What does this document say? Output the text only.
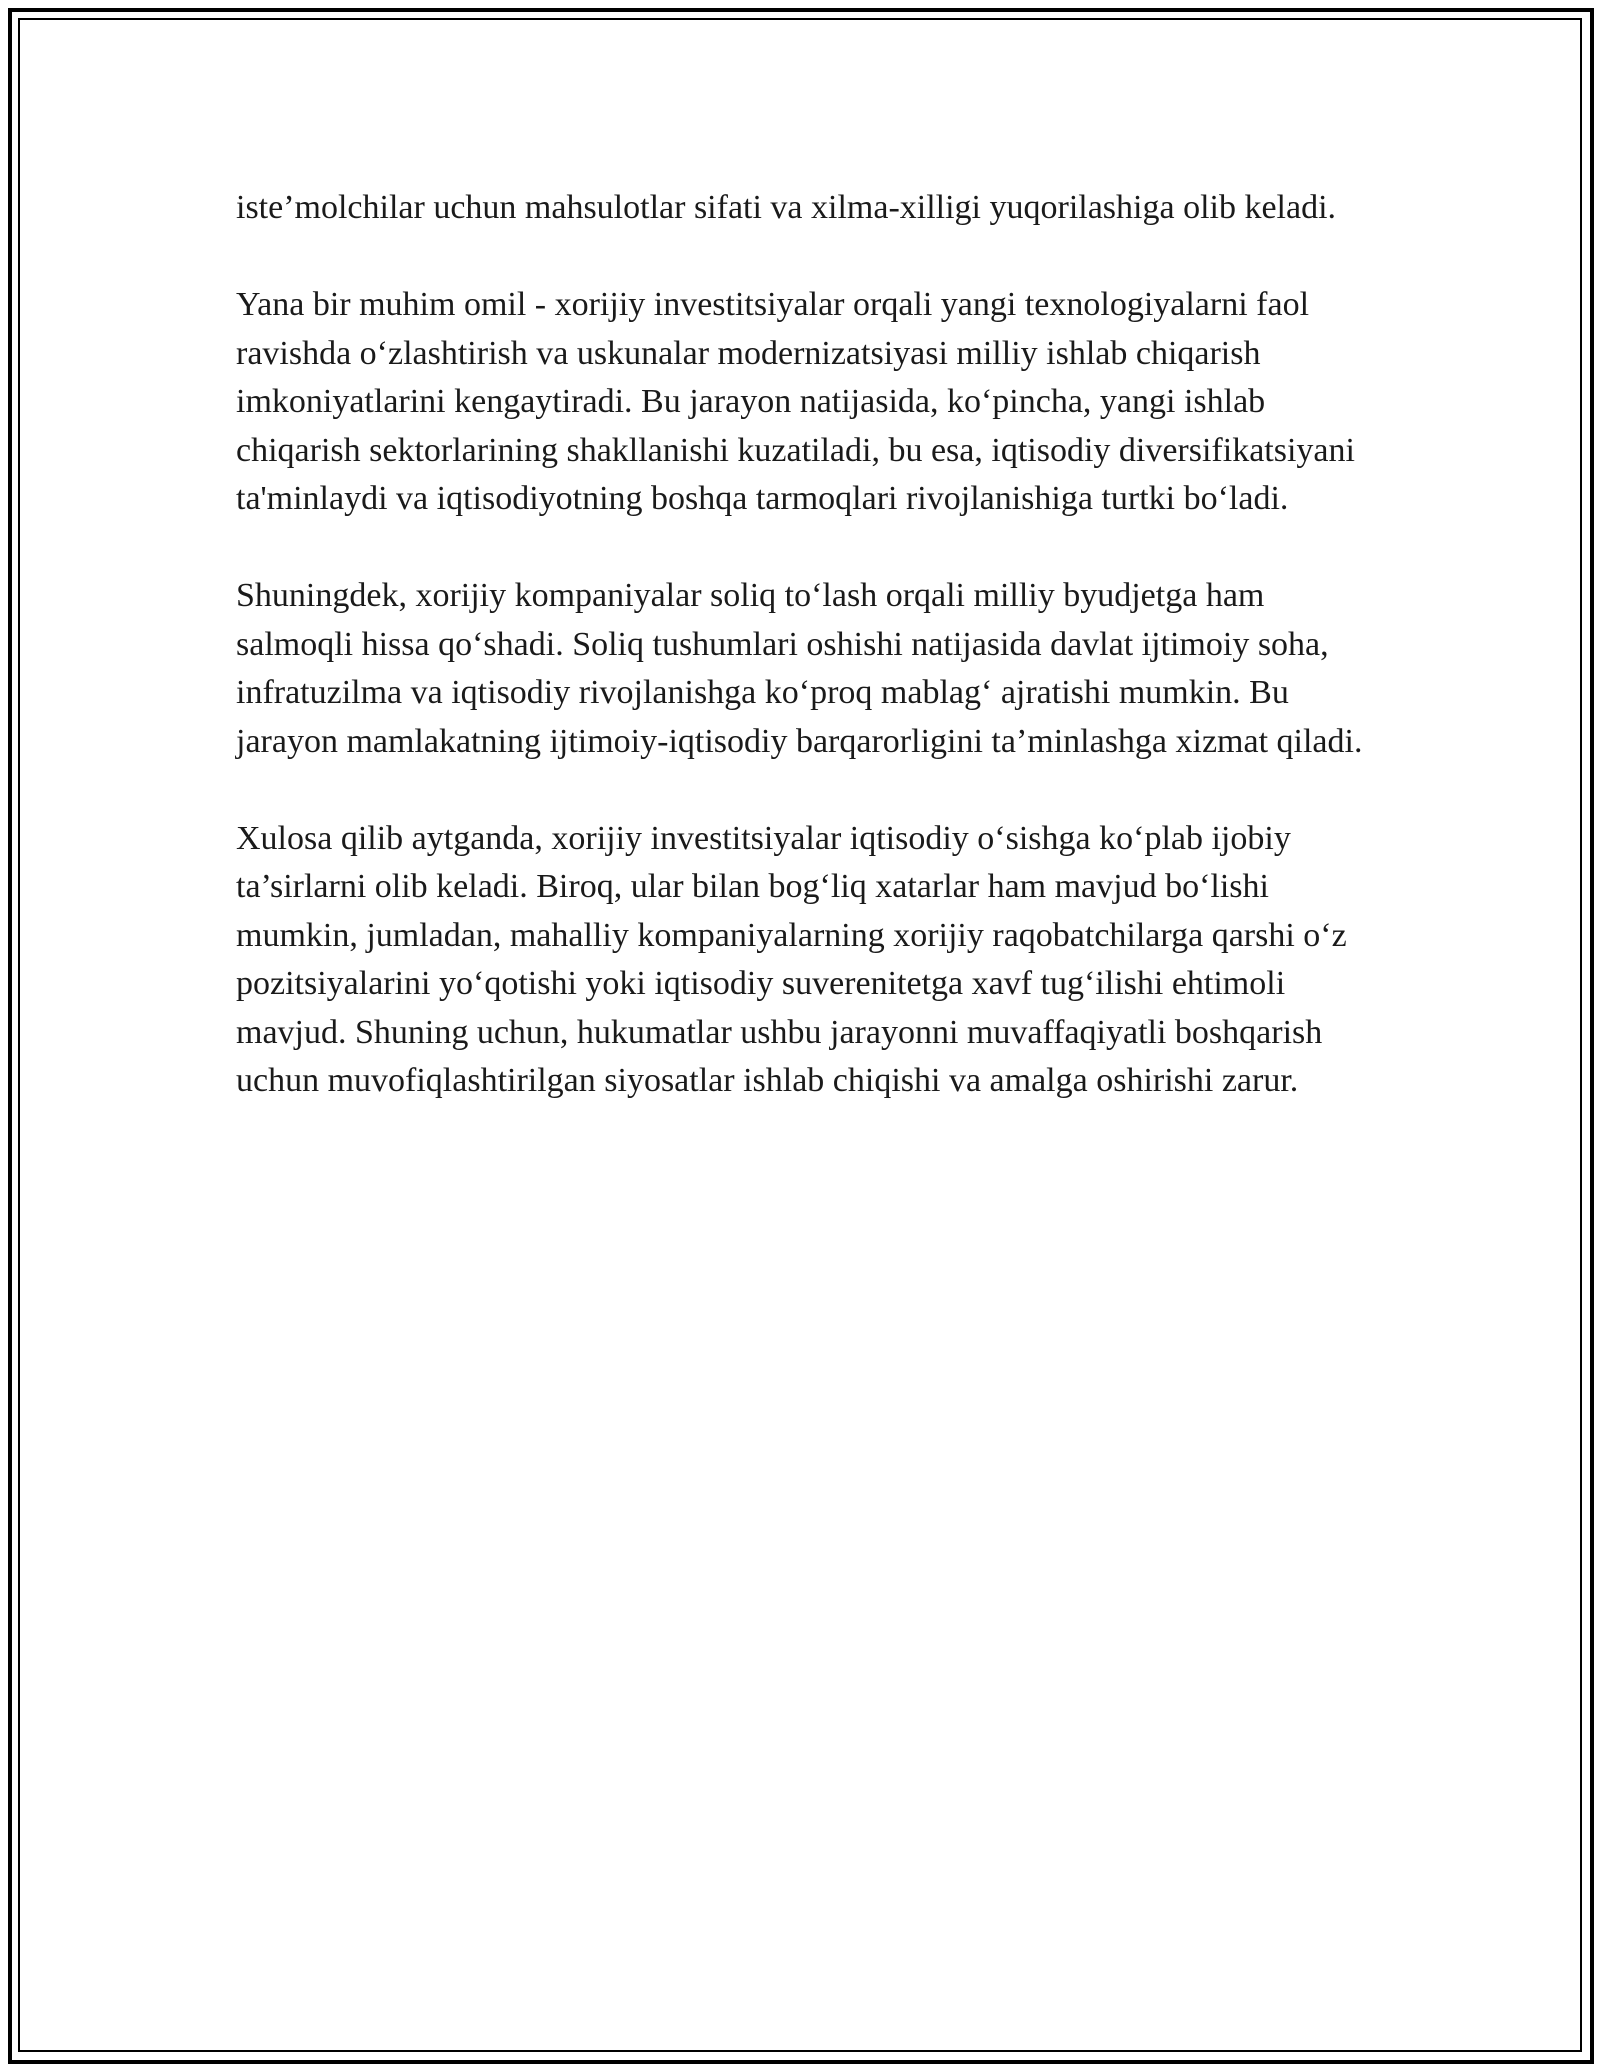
iste’molchilar uchun mahsulotlar sifati va xilma-xilligi yuqorilashiga olib keladi.

Yana bir muhim omil - xorijiy investitsiyalar orqali yangi texnologiyalarni faol ravishda o‘zlashtirish va uskunalar modernizatsiyasi milliy ishlab chiqarish imkoniyatlarini kengaytiradi. Bu jarayon natijasida, ko‘pincha, yangi ishlab chiqarish sektorlarining shakllanishi kuzatiladi, bu esa, iqtisodiy diversifikatsiyani ta'minlaydi va iqtisodiyotning boshqa tarmoqlari rivojlanishiga turtki bo‘ladi.

Shuningdek, xorijiy kompaniyalar soliq to‘lash orqali milliy byudjetga ham salmoqli hissa qo‘shadi. Soliq tushumlari oshishi natijasida davlat ijtimoiy soha, infratuzilma va iqtisodiy rivojlanishga ko‘proq mablag‘ ajratishi mumkin. Bu jarayon mamlakatning ijtimoiy-iqtisodiy barqarorligini ta’minlashga xizmat qiladi.

Xulosa qilib aytganda, xorijiy investitsiyalar iqtisodiy o‘sishga ko‘plab ijobiy ta’sirlarni olib keladi. Biroq, ular bilan bog‘liq xatarlar ham mavjud bo‘lishi mumkin, jumladan, mahalliy kompaniyalarning xorijiy raqobatchilarga qarshi o‘z pozitsiyalarini yo‘qotishi yoki iqtisodiy suverenitetga xavf tug‘ilishi ehtimoli mavjud. Shuning uchun, hukumatlar ushbu jarayonni muvaffaqiyatli boshqarish uchun muvofiqlashtirilgan siyosatlar ishlab chiqishi va amalga oshirishi zarur.
